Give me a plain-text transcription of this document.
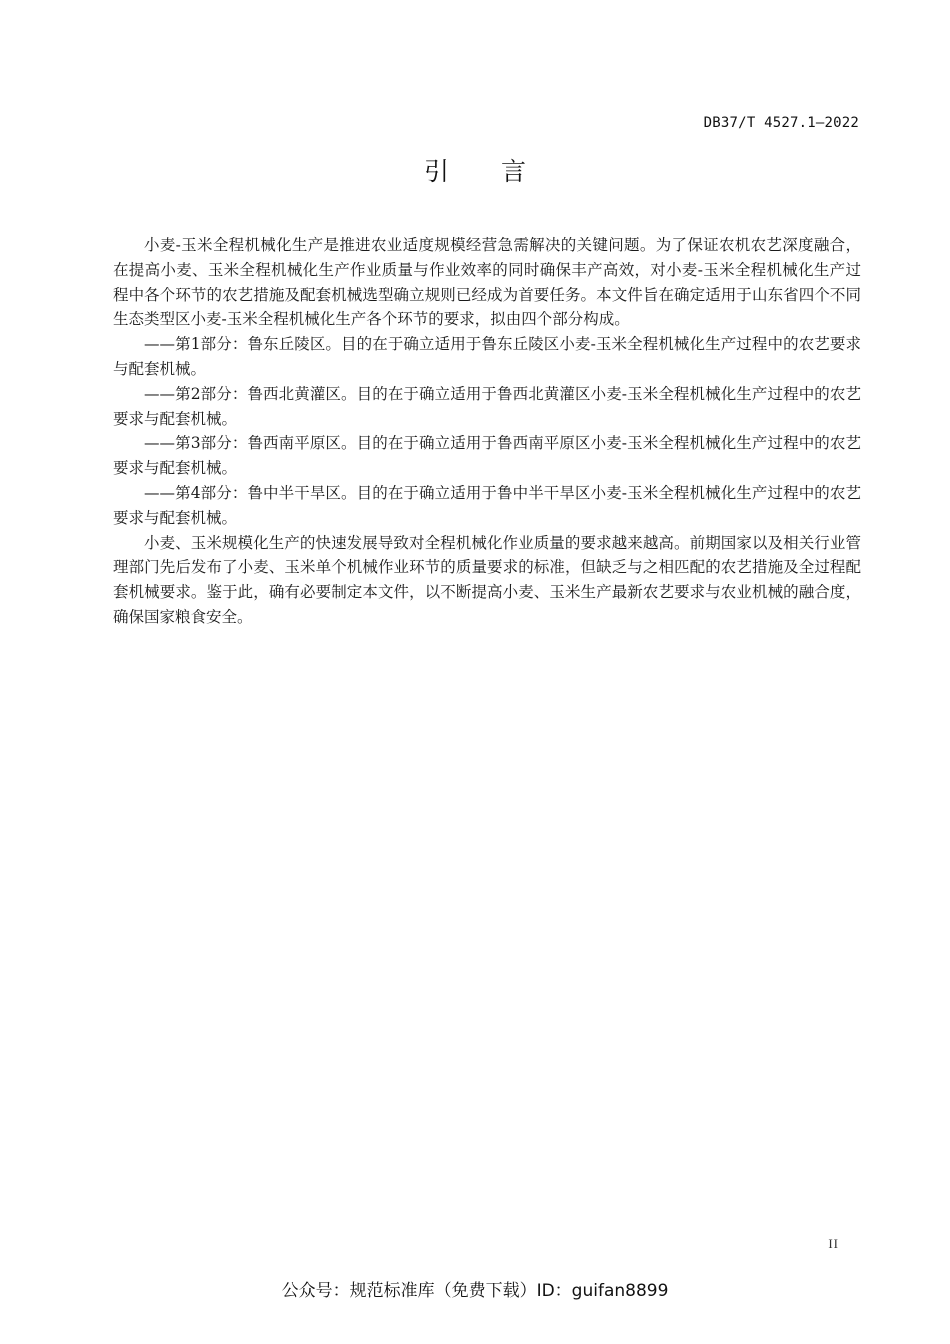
DB37/T 4527.1—2022
引 言

小麦-玉米全程机械化生产是推进农业适度规模经营急需解决的关键问题。为了保证农机农艺深度融合，在提高小麦、玉米全程机械化生产作业质量与作业效率的同时确保丰产高效，对小麦-玉米全程机械化生产过程中各个环节的农艺措施及配套机械选型确立规则已经成为首要任务。本文件旨在确定适用于山东省四个不同生态类型区小麦-玉米全程机械化生产各个环节的要求，拟由四个部分构成。

——第1部分：鲁东丘陵区。目的在于确立适用于鲁东丘陵区小麦-玉米全程机械化生产过程中的农艺要求与配套机械。

——第2部分：鲁西北黄灌区。目的在于确立适用于鲁西北黄灌区小麦-玉米全程机械化生产过程中的农艺要求与配套机械。

——第3部分：鲁西南平原区。目的在于确立适用于鲁西南平原区小麦-玉米全程机械化生产过程中的农艺要求与配套机械。

——第4部分：鲁中半干旱区。目的在于确立适用于鲁中半干旱区小麦-玉米全程机械化生产过程中的农艺要求与配套机械。

小麦、玉米规模化生产的快速发展导致对全程机械化作业质量的要求越来越高。前期国家以及相关行业管理部门先后发布了小麦、玉米单个机械作业环节的质量要求的标准，但缺乏与之相匹配的农艺措施及全过程配套机械要求。鉴于此，确有必要制定本文件，以不断提高小麦、玉米生产最新农艺要求与农业机械的融合度，确保国家粮食安全。

II
公众号：规范标准库（免费下载）ID：guifan8899
